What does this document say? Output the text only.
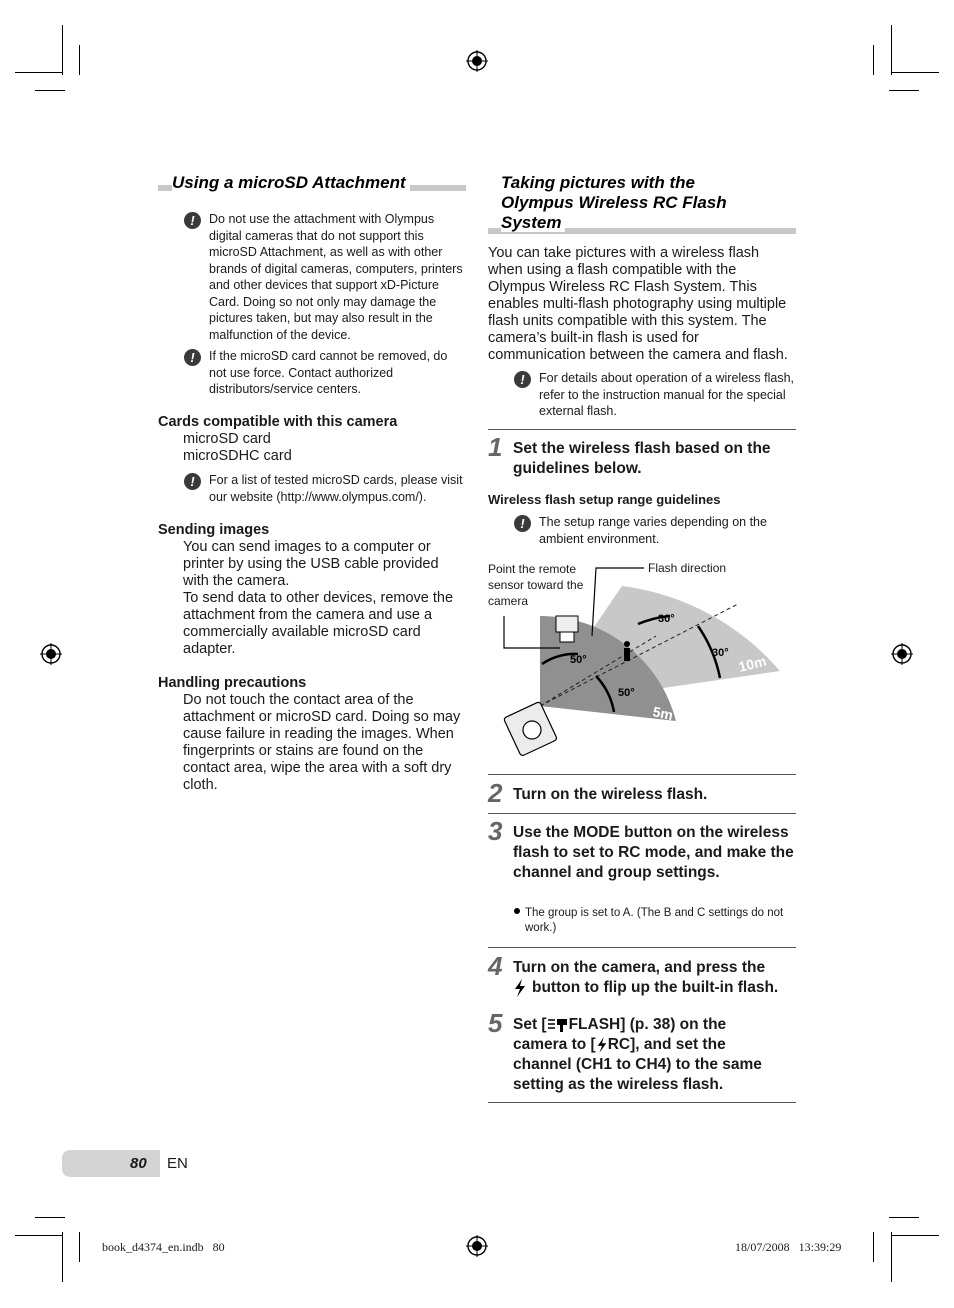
Using a microSD Attachment
!	Do not use the attachment with Olympus digital cameras that do not support this microSD Attachment, as well as with other brands of digital cameras, computers, printers and other devices that support xD-Picture Card. Doing so not only may damage the pictures taken, but may also result in the malfunction of the device.
!	If the microSD card cannot be removed, do not use force. Contact authorized distributors/service centers.
Cards compatible with this camera
microSD card
microSDHC card
!	For a list of tested microSD cards, please visit our website (http://www.olympus.com/).
Sending images
You can send images to a computer or printer by using the USB cable provided with the camera.
To send data to other devices, remove the attachment from the camera and use a commercially available microSD card adapter.
Handling precautions
Do not touch the contact area of the attachment or microSD card. Doing so may cause failure in reading the images. When fingerprints or stains are found on the contact area, wipe the area with a soft dry cloth.
Taking pictures with the
Olympus Wireless RC Flash
System
You can take pictures with a wireless flash when using a flash compatible with the Olympus Wireless RC Flash System. This enables multi-flash photography using multiple flash units compatible with this system. The camera’s built-in flash is used for communication between the camera and flash.
!	For details about operation of a wireless flash, refer to the instruction manual for the special external flash.
1 Set the wireless flash based on the guidelines below.
Wireless flash setup range guidelines
!	The setup range varies depending on the ambient environment.
30°
30°
50°
50°
10m
5m
Flash direction
Point the remote sensor toward the camera
2 Turn on the wireless flash.
3 Use the MODE button on the wireless flash to set to RC mode, and make the channel and group settings.
The group is set to A. (The B and C settings do not work.)
4 Turn on the camera, and press the
button to flip up the built-in flash.
5 Set [ FLASH] (p. 38) on the
camera to [ RC], and set the
channel (CH1 to CH4) to the same
setting as the wireless flash.
80 EN
book_d4374_en.indb   80	18/07/2008   13:39:29
